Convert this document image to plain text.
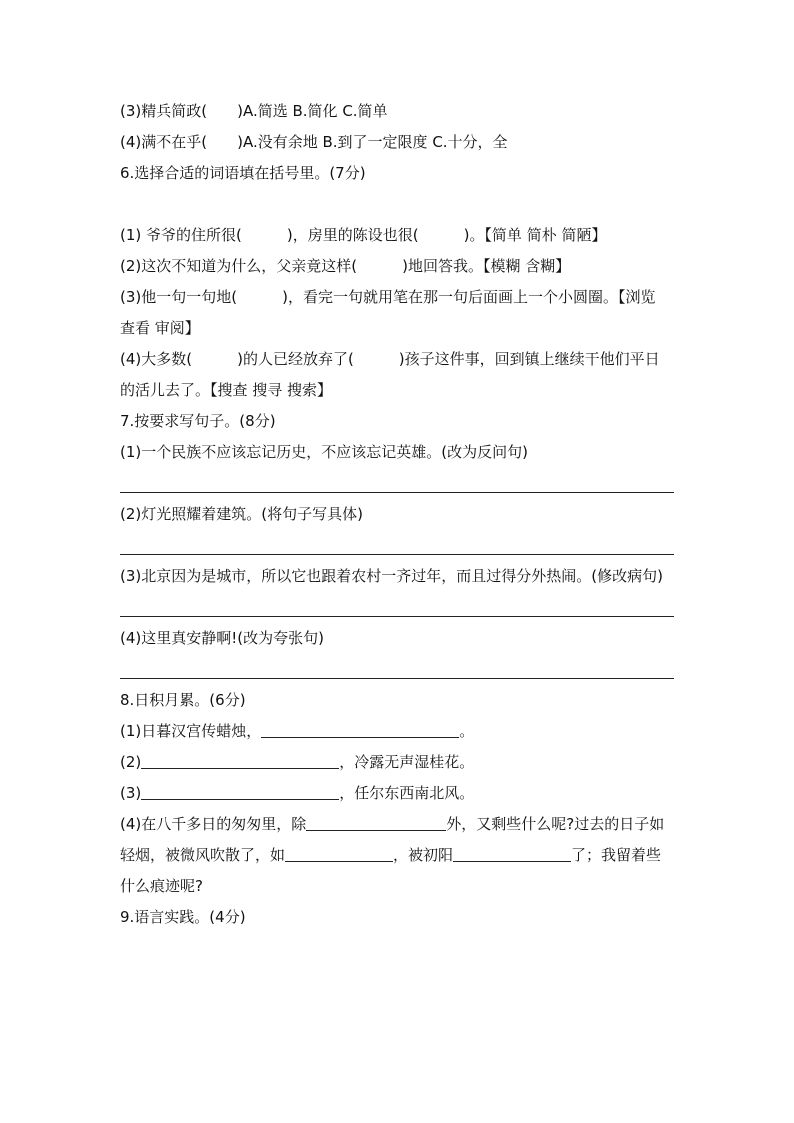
(3)精兵简政(　　)A.简选 B.简化 C.简单
(4)满不在乎(　　)A.没有余地 B.到了一定限度 C.十分，全
6.选择合适的词语填在括号里。(7分)
(1) 爷爷的住所很(　　　)，房里的陈设也很(　　　)。【简单 简朴 简陋】
(2)这次不知道为什么，父亲竟这样(　　　)地回答我。【模糊 含糊】
(3)他一句一句地(　　　)，看完一句就用笔在那一句后面画上一个小圆圈。【浏览 查看 审阅】
(4)大多数(　　　)的人已经放弃了(　　　)孩子这件事，回到镇上继续干他们平日的活儿去了。【搜查 搜寻 搜索】
7.按要求写句子。(8分)
(1)一个民族不应该忘记历史，不应该忘记英雄。(改为反问句)
(2)灯光照耀着建筑。(将句子写具体)
(3)北京因为是城市，所以它也跟着农村一齐过年，而且过得分外热闹。(修改病句)
(4)这里真安静啊!(改为夸张句)
8.日积月累。(6分)
(1)日暮汉宫传蜡烛，	。
(2)	，冷露无声湿桂花。
(3)	，任尔东西南北风。
(4)在八千多日的匆匆里，除	外，又剩些什么呢?过去的日子如轻烟，被微风吹散了，如	，被初阳	了；我留着些什么痕迹呢?
9.语言实践。(4分)
